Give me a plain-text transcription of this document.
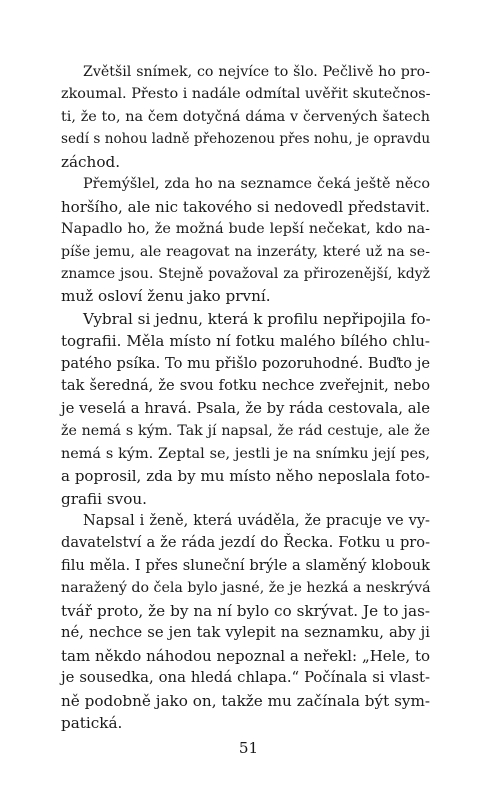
Zvětšil snímek, co nejvíce to šlo. Pečlivě ho pro-
zkoumal. Přesto i nadále odmítal uvěřit skutečnos-
ti, že to, na čem dotyčná dáma v červených šatech
sedí s nohou ladně přehozenou přes nohu, je opravdu
záchod.
Přemýšlel, zda ho na seznamce čeká ještě něco
horšího, ale nic takového si nedovedl představit.
Napadlo ho, že možná bude lepší nečekat, kdo na-
píše jemu, ale reagovat na inzeráty, které už na se-
znamce jsou. Stejně považoval za přirozenější, když
muž osloví ženu jako první.
Vybral si jednu, která k profilu nepřipojila fo-
tografii. Měla místo ní fotku malého bílého chlu-
patého psíka. To mu přišlo pozoruhodné. Buďto je
tak šeredná, že svou fotku nechce zveřejnit, nebo
je veselá a hravá. Psala, že by ráda cestovala, ale
že nemá s kým. Tak jí napsal, že rád cestuje, ale že
nemá s kým. Zeptal se, jestli je na snímku její pes,
a poprosil, zda by mu místo něho neposlala foto-
grafii svou.
Napsal i ženě, která uváděla, že pracuje ve vy-
davatelství a že ráda jezdí do Řecka. Fotku u pro-
filu měla. I přes sluneční brýle a slaměný klobouk
naražený do čela bylo jasné, že je hezká a neskrývá
tvář proto, že by na ní bylo co skrývat. Je to jas-
né, nechce se jen tak vylepit na seznamku, aby ji
tam někdo náhodou nepoznal a neřekl: „Hele, to
je sousedka, ona hledá chlapa.“ Počínala si vlast-
ně podobně jako on, takže mu začínala být sym-
patická.
51
